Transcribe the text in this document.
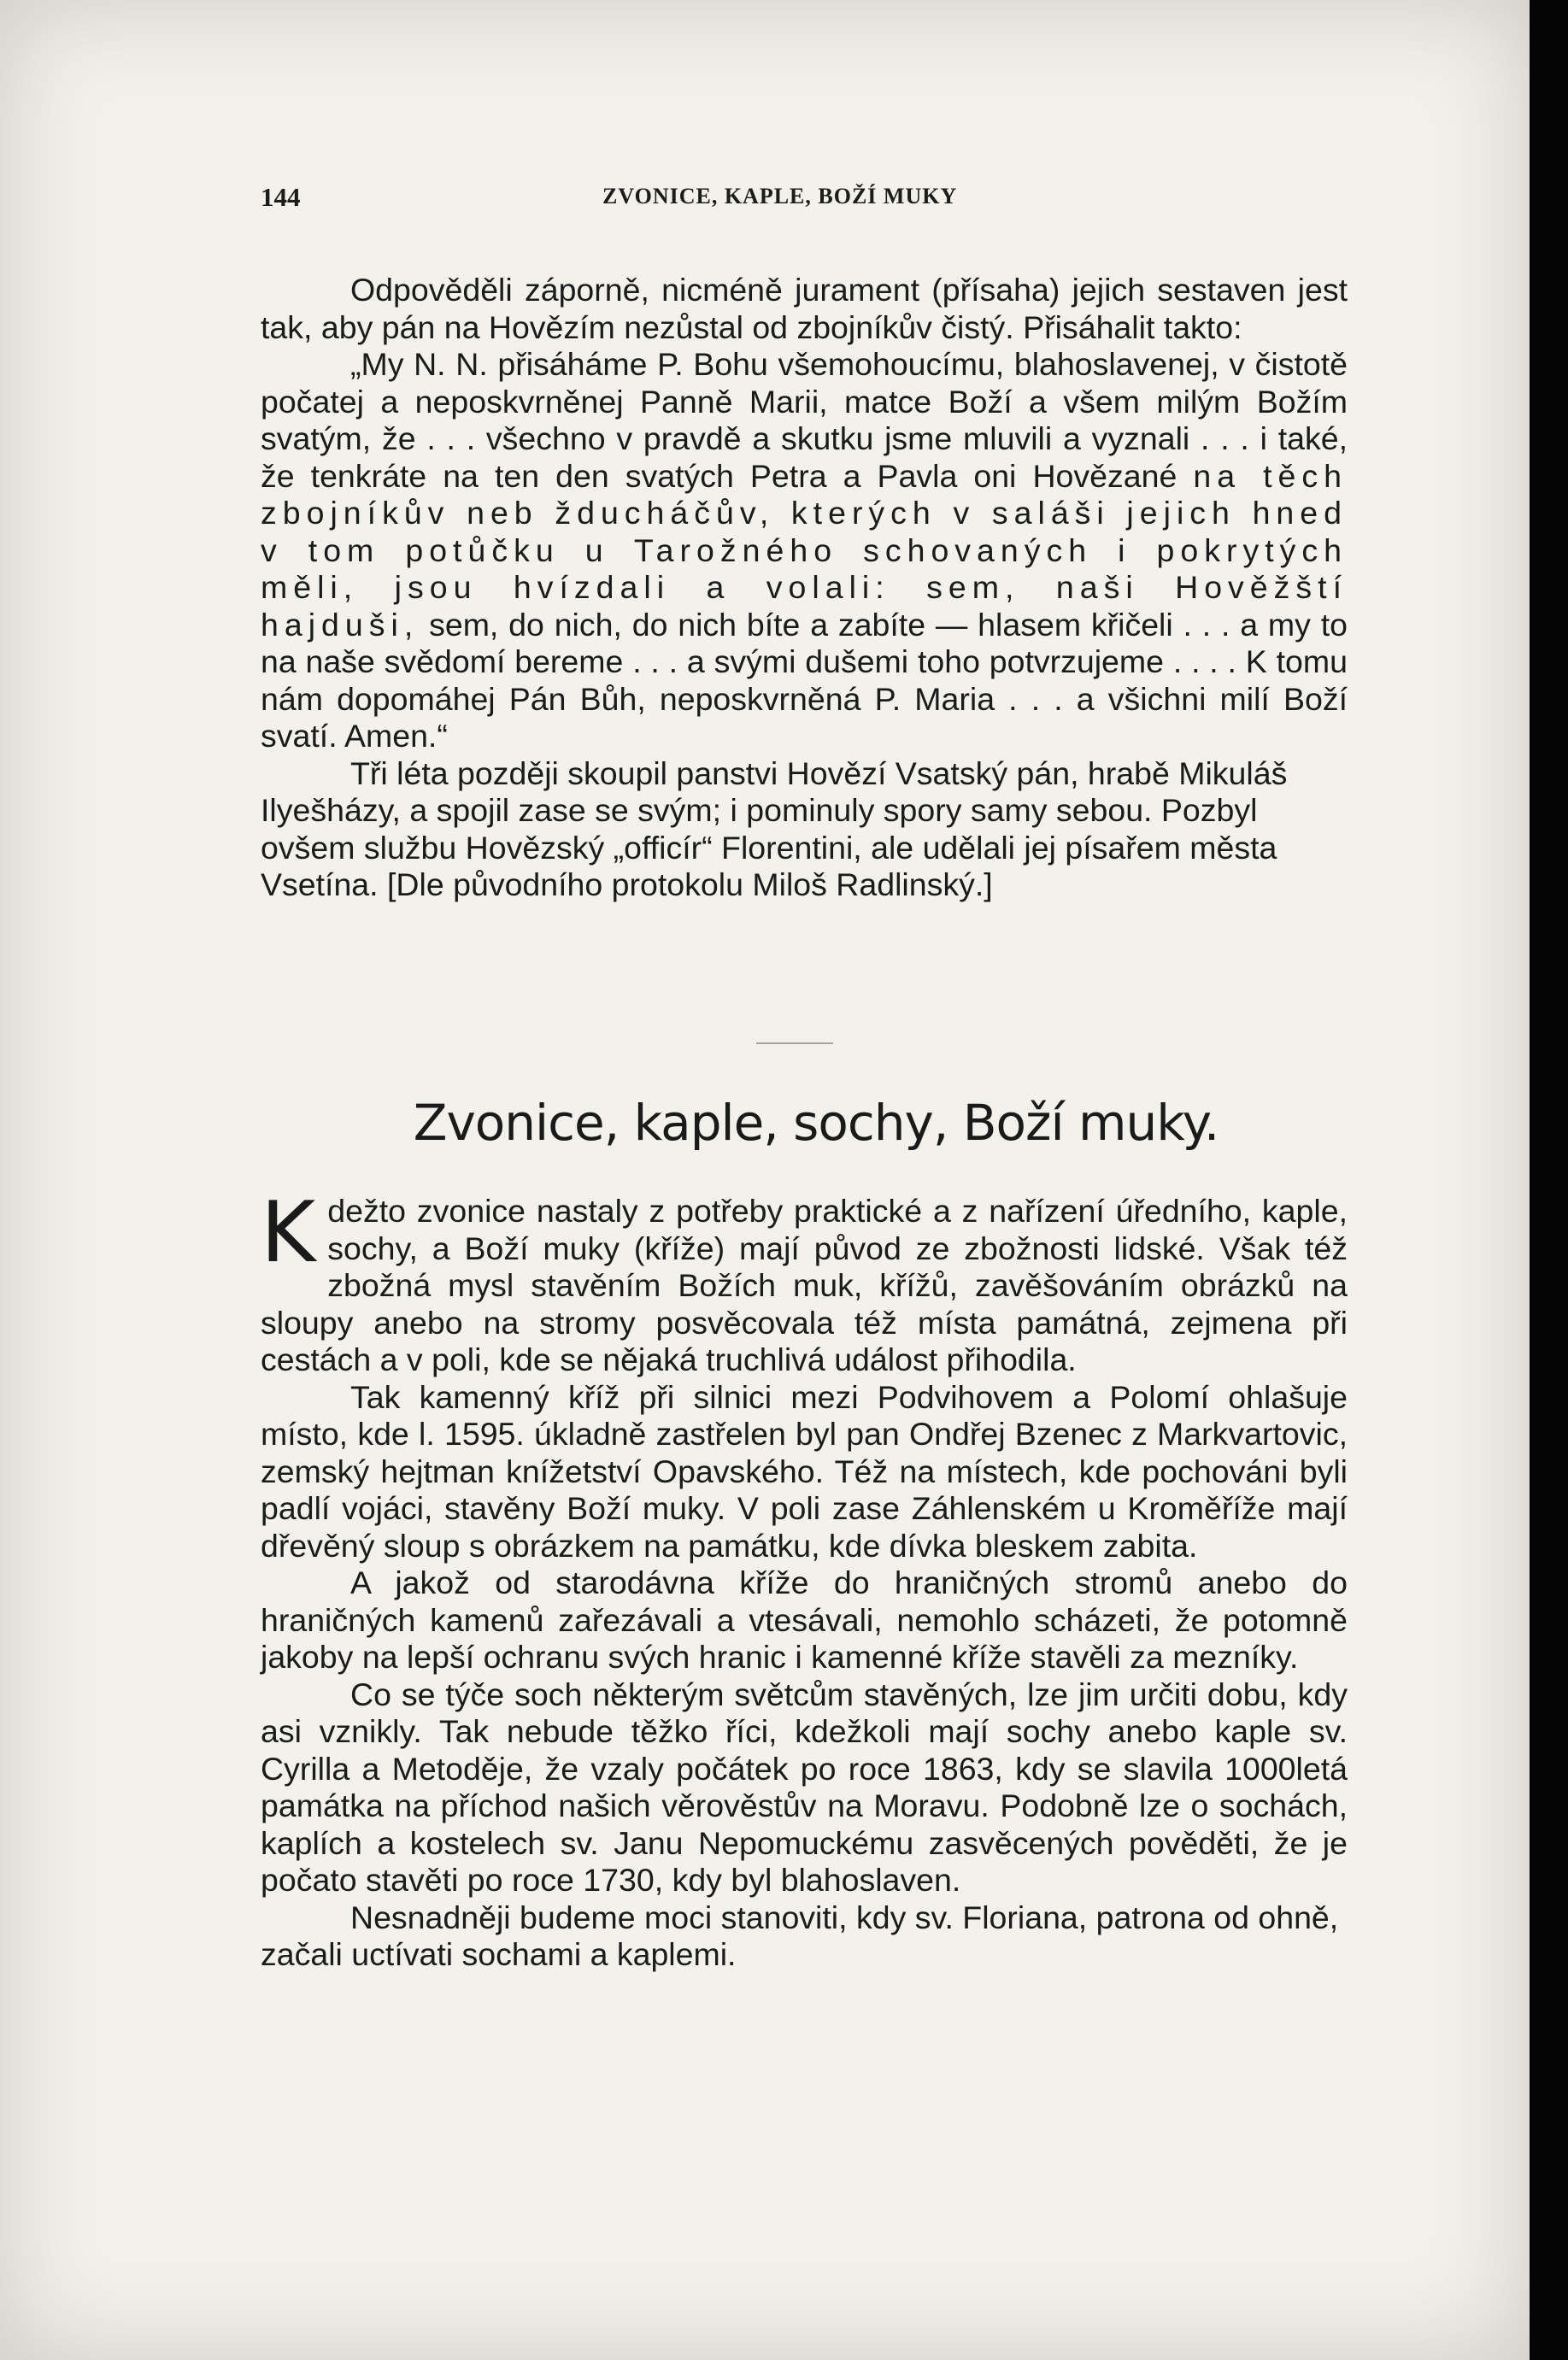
144	ZVONICE, KAPLE, BOŽÍ MUKY

Odpověděli záporně, nicméně jurament (přísaha) jejich sestaven jest tak, aby pán na Hovězím nezůstal od zbojníkův čistý. Přisáhalit takto:

„My N. N. přisáháme P. Bohu všemohoucímu, blahoslavenej, v čistotě počatej a neposkvrněnej Panně Marii, matce Boží a všem milým Božím svatým, že . . . všechno v pravdě a skutku jsme mluvili a vyznali . . . i také, že tenkráte na ten den svatých Petra a Pavla oni Hovězané na těch zbojníkův neb žducháčův, kterých v saláši jejich hned v tom potůčku u Tarožného schovaných i pokrytých měli, jsou hvízdali a volali: sem, naši Hověžští hajduši, sem, do nich, do nich bíte a zabíte — hlasem křičeli . . . a my to na naše svědomí bereme . . . a svými dušemi toho potvrzujeme . . . . K tomu nám dopomáhej Pán Bůh, neposkvrněná P. Maria . . . a všichni milí Boží svatí. Amen.“

Tři léta později skoupil panstvi Hovězí Vsatský pán, hrabě Mikuláš Ilyešházy, a spojil zase se svým; i pominuly spory samy sebou. Pozbyl ovšem službu Hovězský „officír“ Florentini, ale udělali jej písařem města Vsetína. [Dle původního protokolu Miloš Radlinský.]

Zvonice, kaple, sochy, Boží muky.

Kdežto zvonice nastaly z potřeby praktické a z nařízení úředního, kaple, sochy, a Boží muky (kříže) mají původ ze zbožnosti lidské. Však též zbožná mysl stavěním Božích muk, křížů, zavěšováním obrázků na sloupy anebo na stromy posvěcovala též místa památná, zejmena při cestách a v poli, kde se nějaká truchlivá událost přihodila.

Tak kamenný kříž při silnici mezi Podvihovem a Polomí ohlašuje místo, kde l. 1595. úkladně zastřelen byl pan Ondřej Bzenec z Markvartovic, zemský hejtman knížetství Opavského. Též na místech, kde pochováni byli padlí vojáci, stavěny Boží muky. V poli zase Záhlenském u Kroměříže mají dřevěný sloup s obrázkem na památku, kde dívka bleskem zabita.

A jakož od starodávna kříže do hraničných stromů anebo do hraničných kamenů zařezávali a vtesávali, nemohlo scházeti, že potomně jakoby na lepší ochranu svých hranic i kamenné kříže stavěli za mezníky.

Co se týče soch některým světcům stavěných, lze jim určiti dobu, kdy asi vznikly. Tak nebude těžko říci, kdežkoli mají sochy anebo kaple sv. Cyrilla a Metoděje, že vzaly počátek po roce 1863, kdy se slavila 1000letá památka na příchod našich věrověstův na Moravu. Podobně lze o sochách, kaplích a kostelech sv. Janu Nepomuckému zasvěcených pověděti, že je počato stavěti po roce 1730, kdy byl blahoslaven.

Nesnadněji budeme moci stanoviti, kdy sv. Floriana, patrona od ohně, začali uctívati sochami a kaplemi.
